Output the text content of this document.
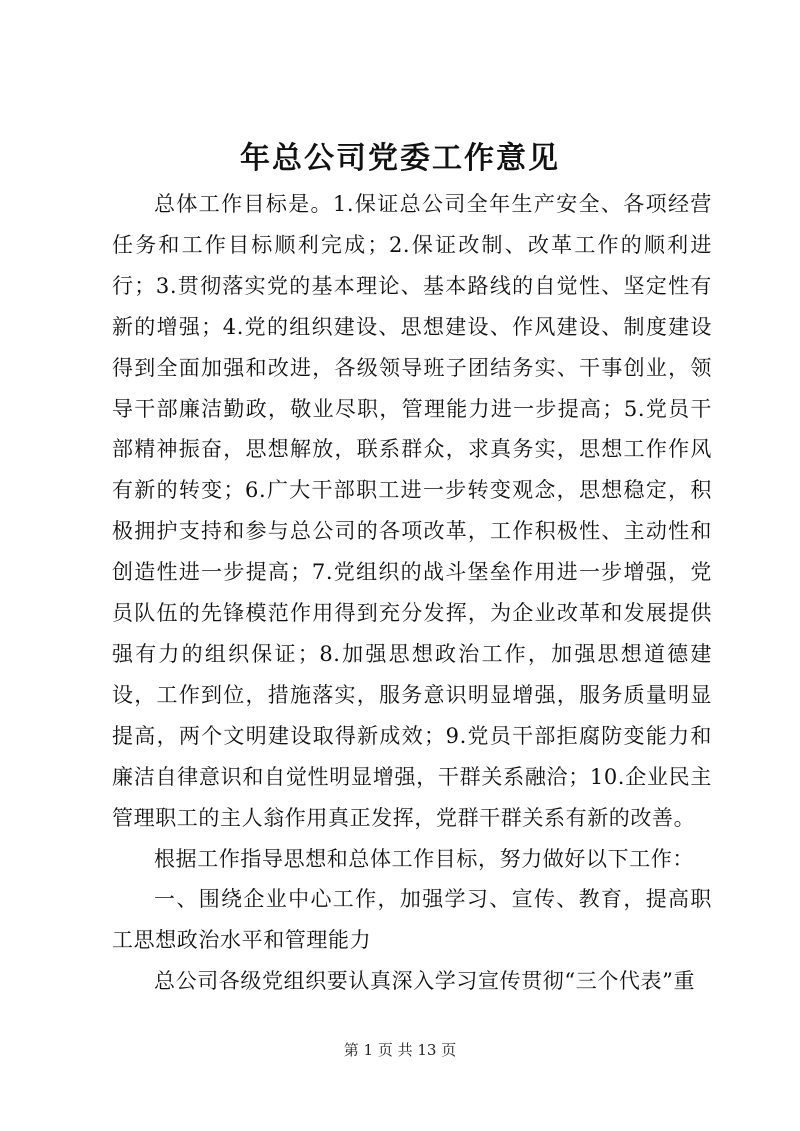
年总公司党委工作意见

总体工作目标是。1.保证总公司全年生产安全、各项经营任务和工作目标顺利完成；2.保证改制、改革工作的顺利进行；3.贯彻落实党的基本理论、基本路线的自觉性、坚定性有新的增强；4.党的组织建设、思想建设、作风建设、制度建设得到全面加强和改进，各级领导班子团结务实、干事创业，领导干部廉洁勤政，敬业尽职，管理能力进一步提高；5.党员干部精神振奋，思想解放，联系群众，求真务实，思想工作作风有新的转变；6.广大干部职工进一步转变观念，思想稳定，积极拥护支持和参与总公司的各项改革，工作积极性、主动性和创造性进一步提高；7.党组织的战斗堡垒作用进一步增强，党员队伍的先锋模范作用得到充分发挥，为企业改革和发展提供强有力的组织保证；8.加强思想政治工作，加强思想道德建设，工作到位，措施落实，服务意识明显增强，服务质量明显提高，两个文明建设取得新成效；9.党员干部拒腐防变能力和廉洁自律意识和自觉性明显增强，干群关系融洽；10.企业民主管理职工的主人翁作用真正发挥，党群干群关系有新的改善。

根据工作指导思想和总体工作目标，努力做好以下工作：

一、围绕企业中心工作，加强学习、宣传、教育，提高职工思想政治水平和管理能力

总公司各级党组织要认真深入学习宣传贯彻“三个代表”重

第 1 页 共 13 页
